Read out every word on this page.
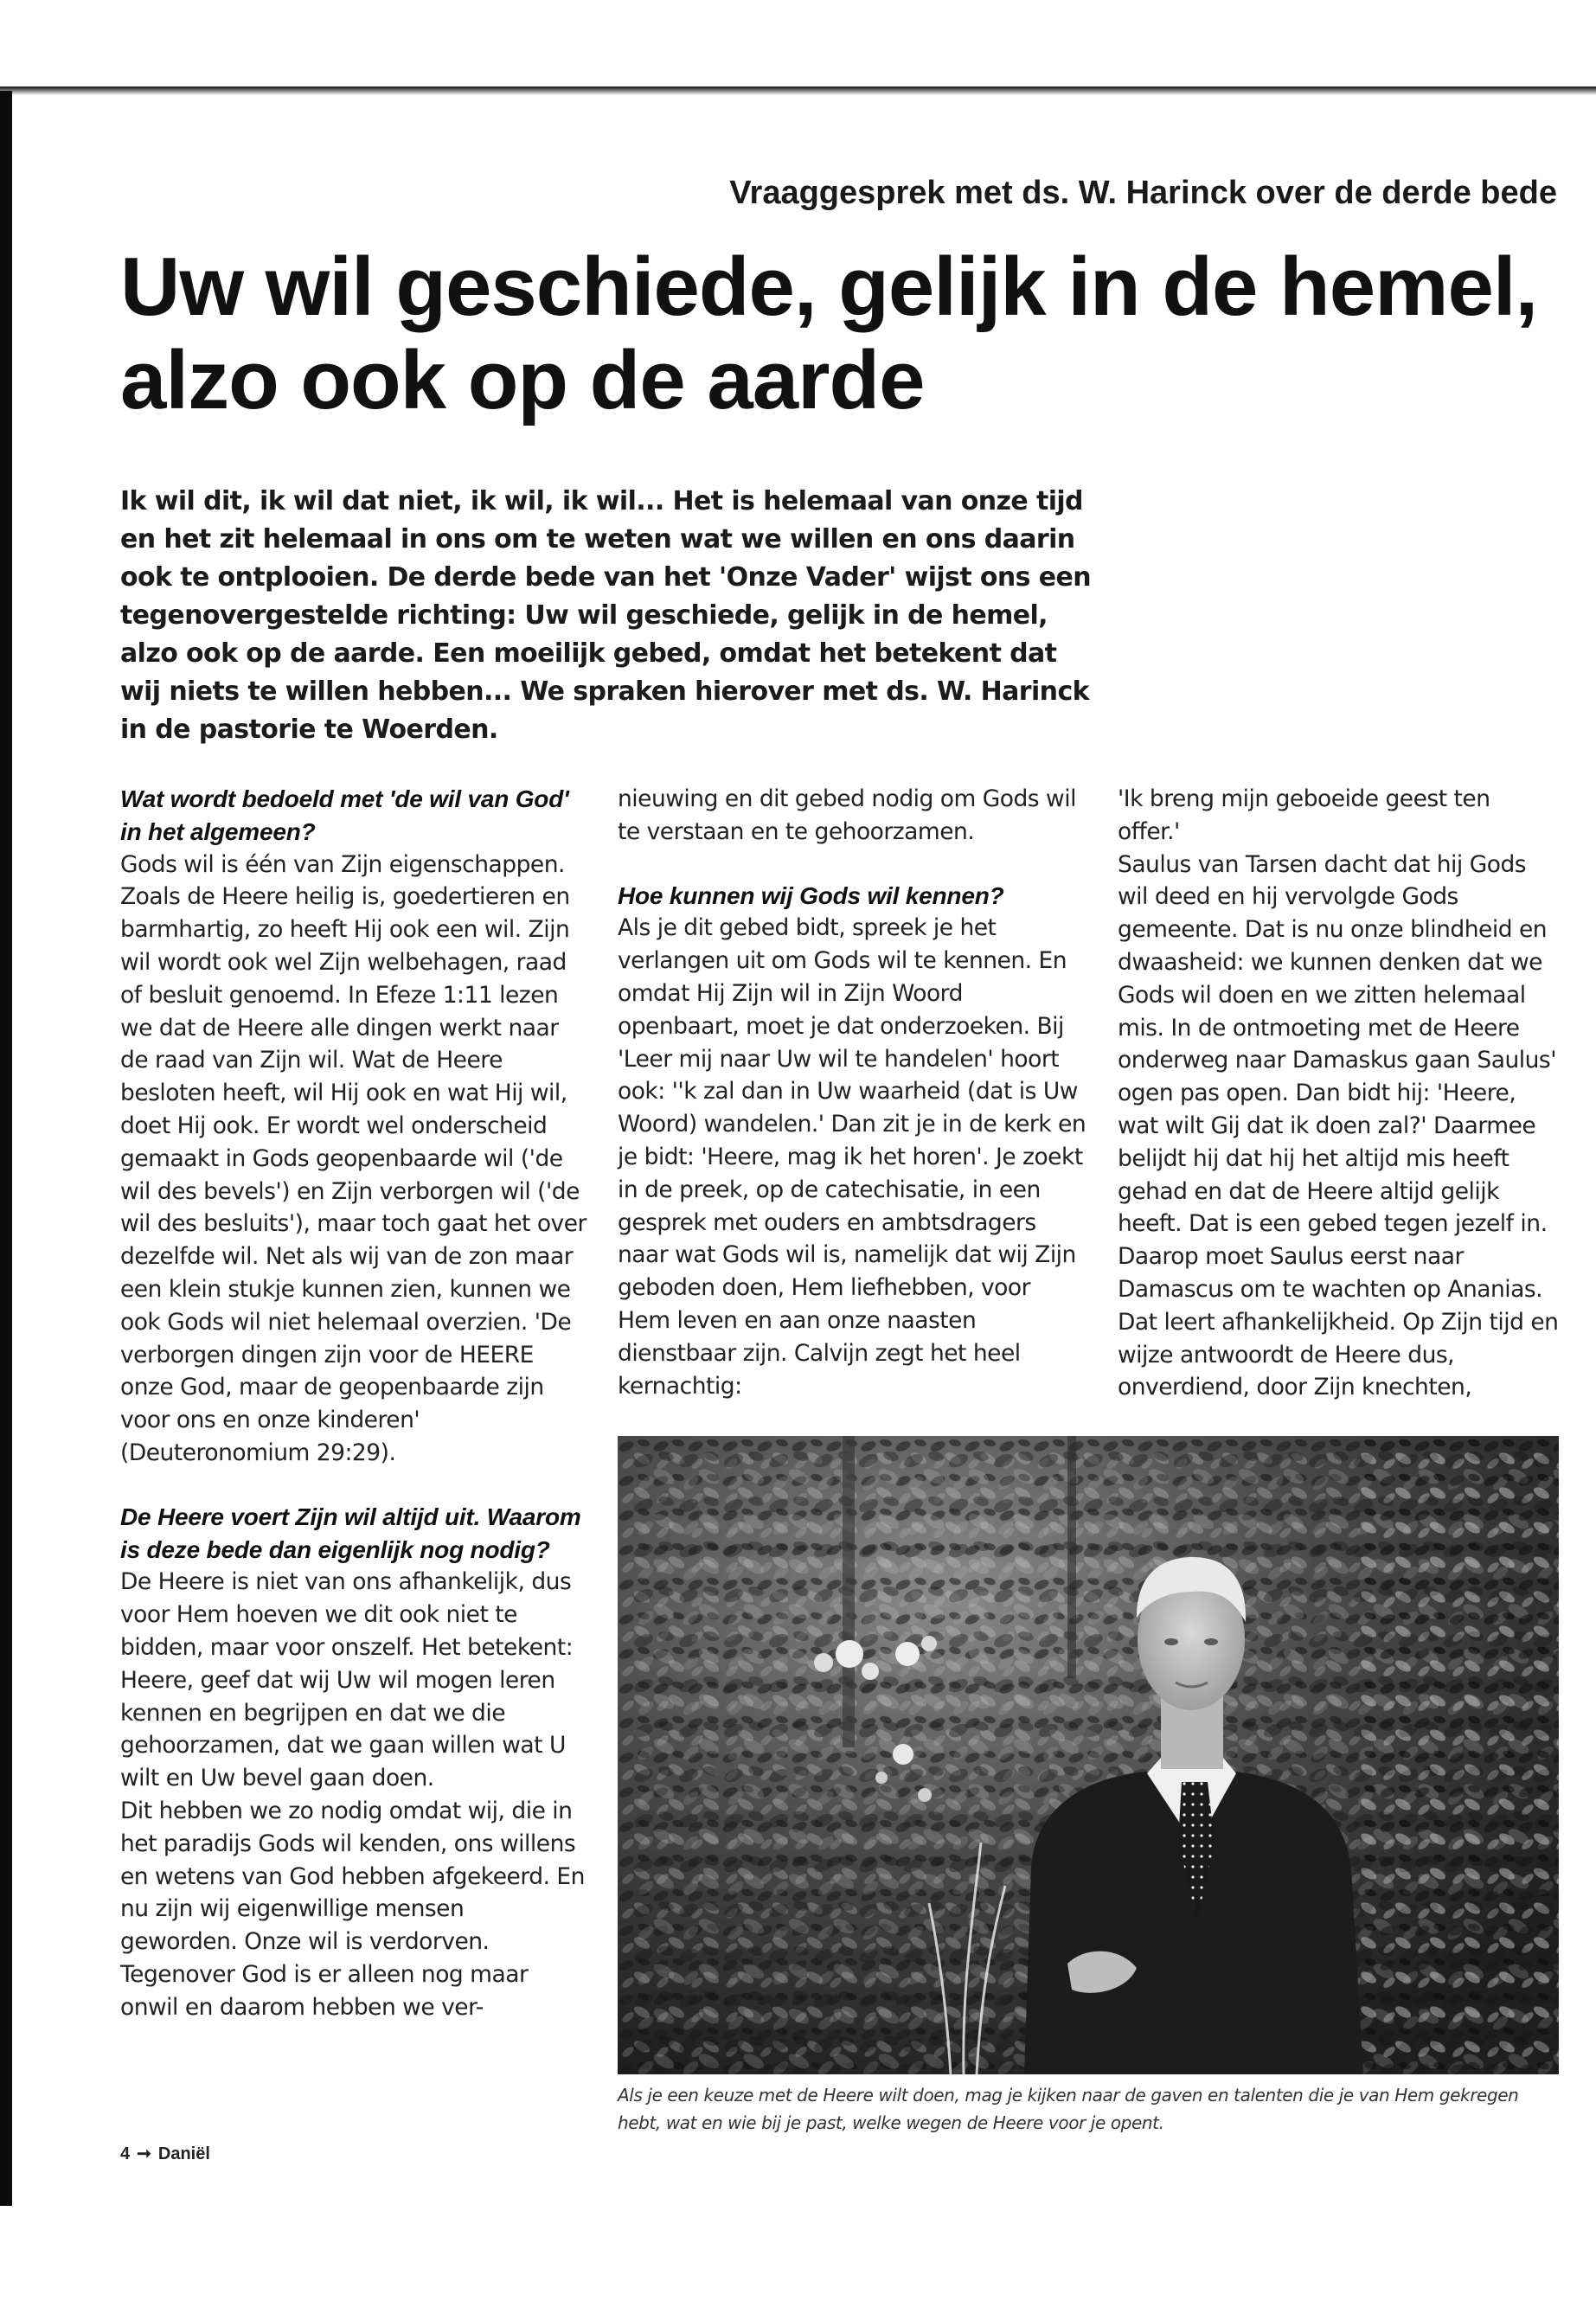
Vraaggesprek met ds. W. Harinck over de derde bede
Uw wil geschiede, gelijk in de hemel,
alzo ook op de aarde

Ik wil dit, ik wil dat niet, ik wil, ik wil... Het is helemaal van onze tijd en het zit helemaal in ons om te weten wat we willen en ons daarin ook te ontplooien. De derde bede van het 'Onze Vader' wijst ons een tegenovergestelde richting: Uw wil geschiede, gelijk in de hemel, alzo ook op de aarde. Een moeilijk gebed, omdat het betekent dat wij niets te willen hebben... We spraken hierover met ds. W. Harinck in de pastorie te Woerden.

Wat wordt bedoeld met 'de wil van God' in het algemeen?

Gods wil is één van Zijn eigenschappen. Zoals de Heere heilig is, goedertieren en barmhartig, zo heeft Hij ook een wil. Zijn wil wordt ook wel Zijn welbehagen, raad of besluit genoemd. In Efeze 1:11 lezen we dat de Heere alle dingen werkt naar de raad van Zijn wil. Wat de Heere besloten heeft, wil Hij ook en wat Hij wil, doet Hij ook. Er wordt wel onderscheid gemaakt in Gods geopenbaarde wil ('de wil des bevels') en Zijn verborgen wil ('de wil des besluits'), maar toch gaat het over dezelfde wil. Net als wij van de zon maar een klein stukje kunnen zien, kunnen we ook Gods wil niet helemaal overzien. 'De verborgen dingen zijn voor de HEERE onze God, maar de geopenbaarde zijn voor ons en onze kinderen' (Deuteronomium 29:29).

De Heere voert Zijn wil altijd uit. Waarom is deze bede dan eigenlijk nog nodig?

De Heere is niet van ons afhankelijk, dus voor Hem hoeven we dit ook niet te bidden, maar voor onszelf. Het betekent: Heere, geef dat wij Uw wil mogen leren kennen en begrijpen en dat we die gehoorzamen, dat we gaan willen wat U wilt en Uw bevel gaan doen.

Dit hebben we zo nodig omdat wij, die in het paradijs Gods wil kenden, ons willens en wetens van God hebben afgekeerd. En nu zijn wij eigenwillige mensen geworden. Onze wil is verdorven. Tegenover God is er alleen nog maar onwil en daarom hebben we ver-

nieuwing en dit gebed nodig om Gods wil te verstaan en te gehoorzamen.

Hoe kunnen wij Gods wil kennen?

Als je dit gebed bidt, spreek je het verlangen uit om Gods wil te kennen. En omdat Hij Zijn wil in Zijn Woord openbaart, moet je dat onderzoeken. Bij 'Leer mij naar Uw wil te handelen' hoort ook: ''k zal dan in Uw waarheid (dat is Uw Woord) wandelen.' Dan zit je in de kerk en je bidt: 'Heere, mag ik het horen'. Je zoekt in de preek, op de catechisatie, in een gesprek met ouders en ambtsdragers naar wat Gods wil is, namelijk dat wij Zijn geboden doen, Hem liefhebben, voor Hem leven en aan onze naasten dienstbaar zijn. Calvijn zegt het heel kernachtig:

'Ik breng mijn geboeide geest ten offer.'

Saulus van Tarsen dacht dat hij Gods wil deed en hij vervolgde Gods gemeente. Dat is nu onze blindheid en dwaasheid: we kunnen denken dat we Gods wil doen en we zitten helemaal mis. In de ontmoeting met de Heere onderweg naar Damaskus gaan Saulus' ogen pas open. Dan bidt hij: 'Heere, wat wilt Gij dat ik doen zal?' Daarmee belijdt hij dat hij het altijd mis heeft gehad en dat de Heere altijd gelijk heeft. Dat is een gebed tegen jezelf in. Daarop moet Saulus eerst naar Damascus om te wachten op Ananias. Dat leert afhankelijkheid. Op Zijn tijd en wijze antwoordt de Heere dus, onverdiend, door Zijn knechten,

Als je een keuze met de Heere wilt doen, mag je kijken naar de gaven en talenten die je van Hem gekregen hebt, wat en wie bij je past, welke wegen de Heere voor je opent.

4 ➞ Daniël
